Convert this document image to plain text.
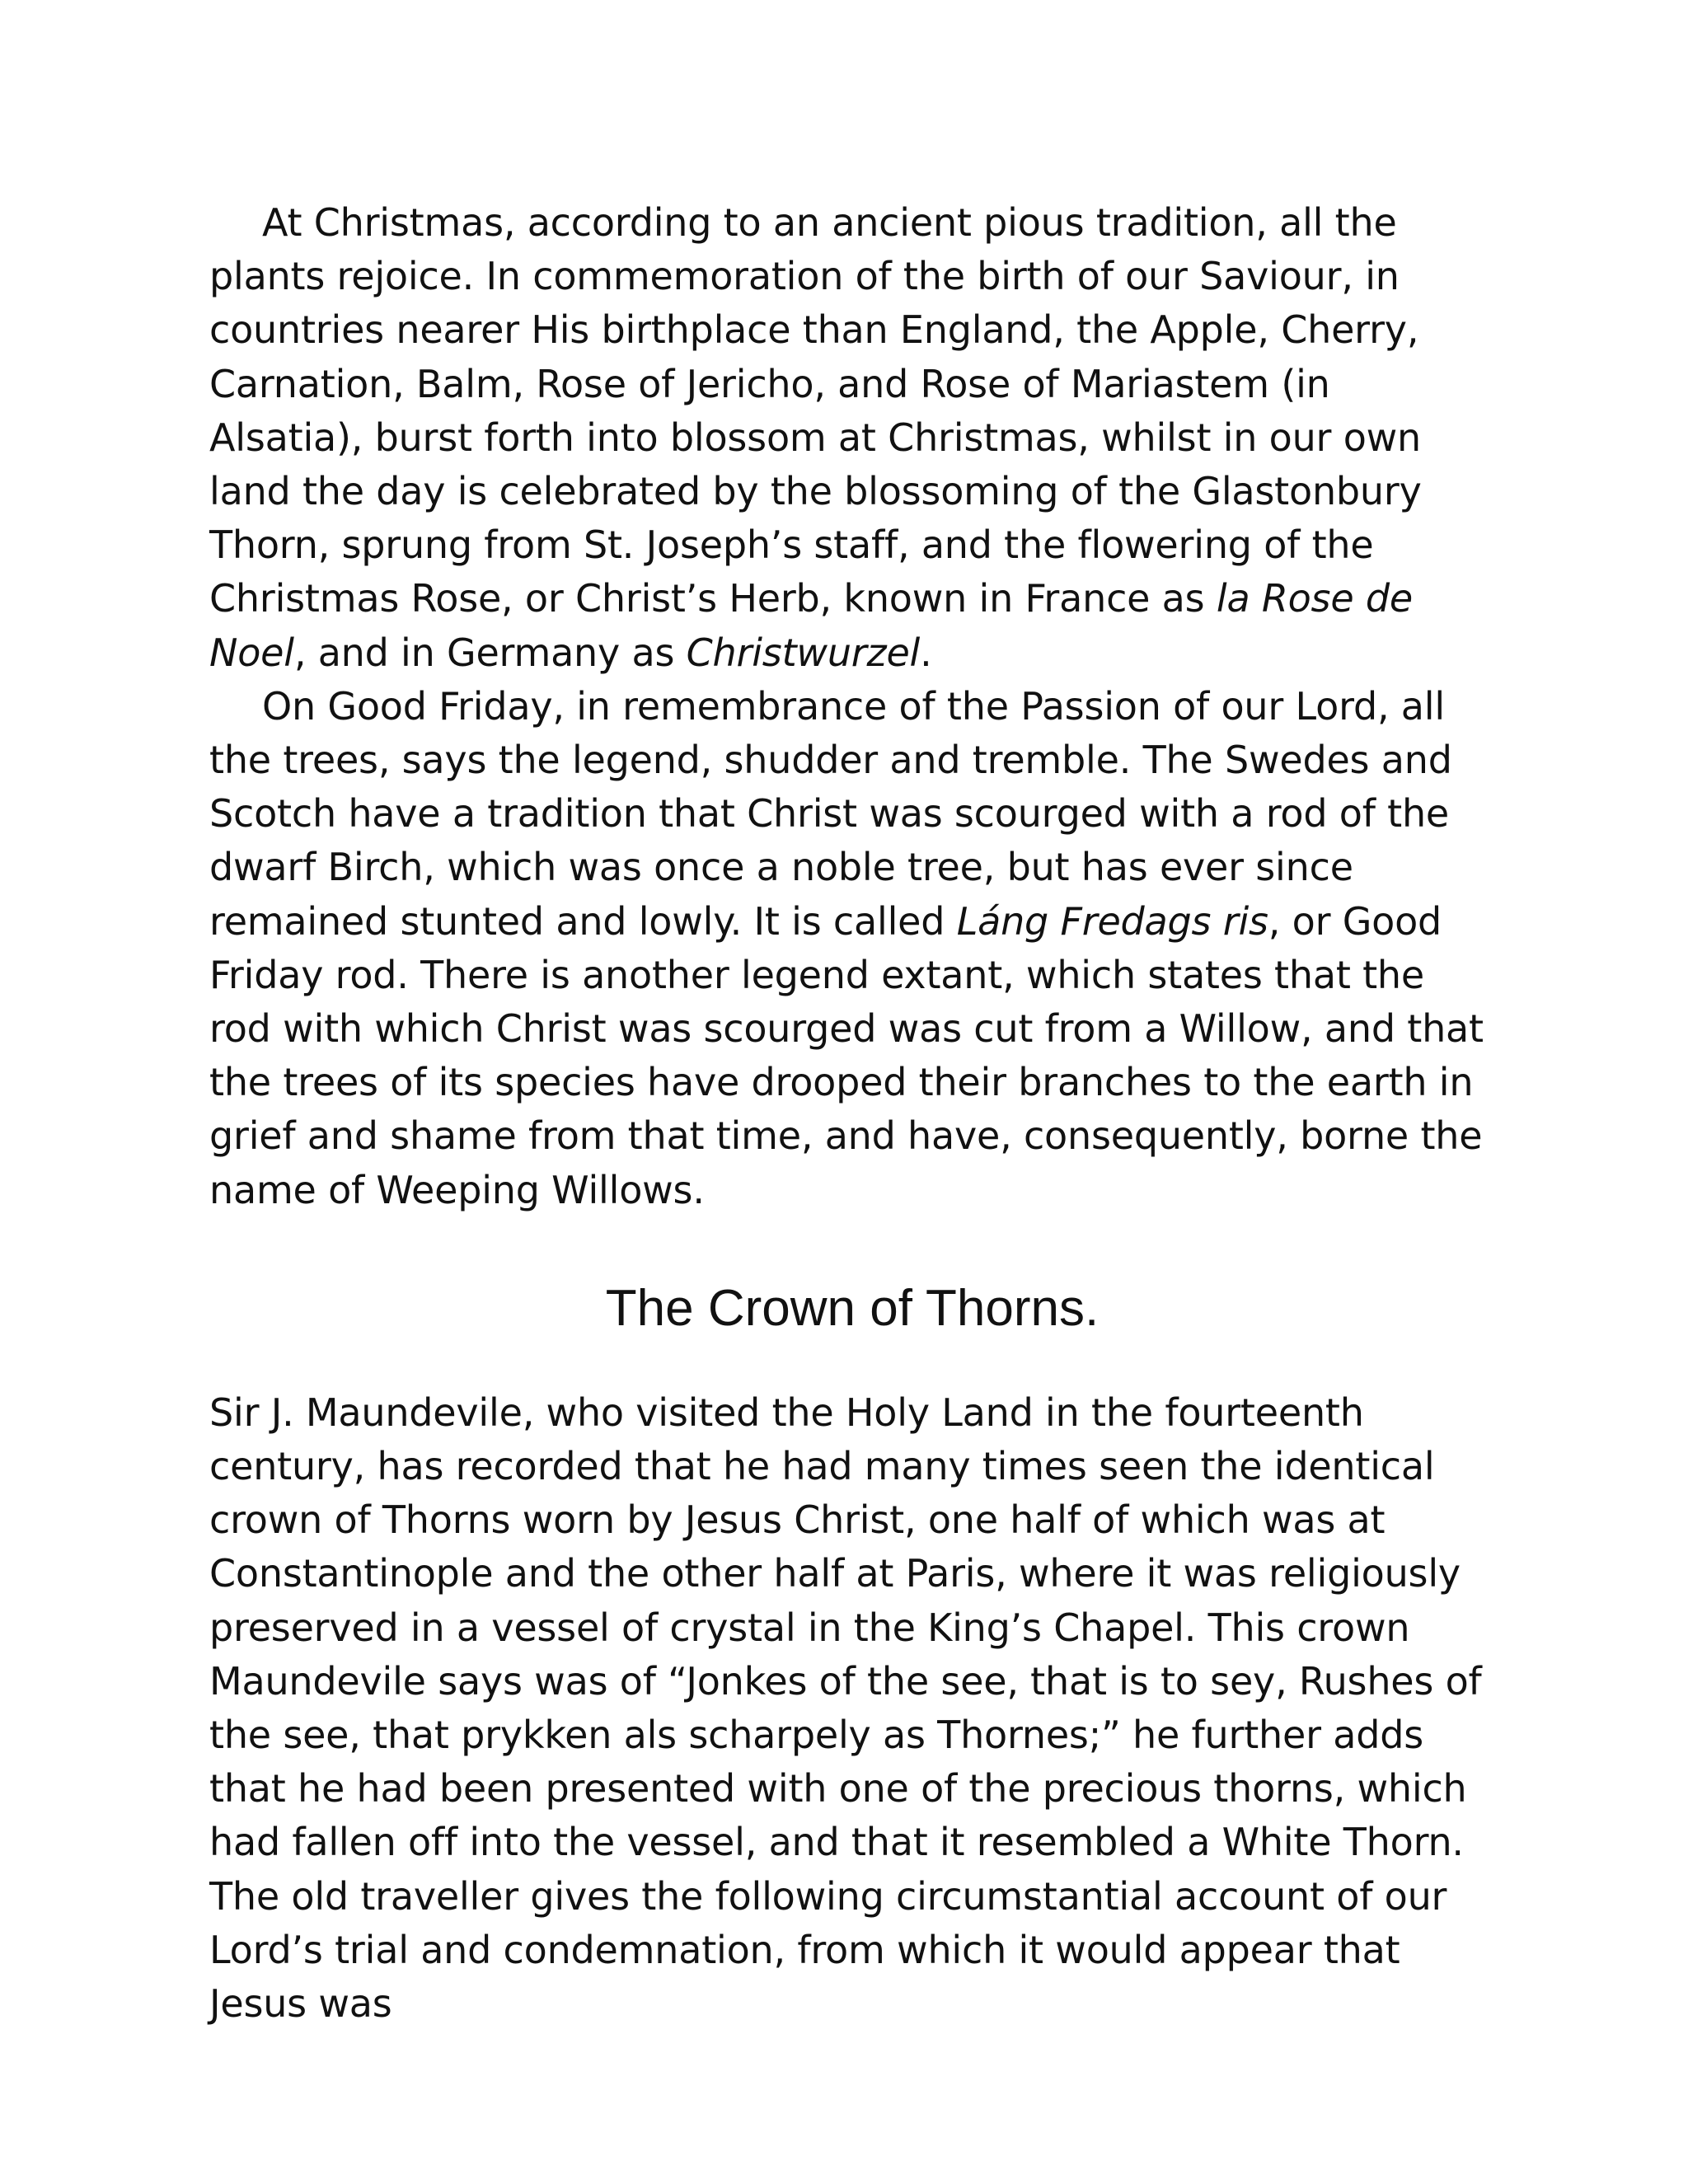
At Christmas, according to an ancient pious tradition, all the plants rejoice. In commemoration of the birth of our Saviour, in countries nearer His birthplace than England, the Apple, Cherry, Carnation, Balm, Rose of Jericho, and Rose of Mariastem (in Alsatia), burst forth into blossom at Christmas, whilst in our own land the day is celebrated by the blossoming of the Glastonbury Thorn, sprung from St. Joseph’s staff, and the flowering of the Christmas Rose, or Christ’s Herb, known in France as la Rose de Noel, and in Germany as Christwurzel.

On Good Friday, in remembrance of the Passion of our Lord, all the trees, says the legend, shudder and tremble. The Swedes and Scotch have a tradition that Christ was scourged with a rod of the dwarf Birch, which was once a noble tree, but has ever since remained stunted and lowly. It is called Láng Fredags ris, or Good Friday rod. There is another legend extant, which states that the rod with which Christ was scourged was cut from a Willow, and that the trees of its species have drooped their branches to the earth in grief and shame from that time, and have, consequently, borne the name of Weeping Willows.

The Crown of Thorns.

Sir J. Maundevile, who visited the Holy Land in the fourteenth century, has recorded that he had many times seen the identical crown of Thorns worn by Jesus Christ, one half of which was at Constantinople and the other half at Paris, where it was religiously preserved in a vessel of crystal in the King’s Chapel. This crown Maundevile says was of “Jonkes of the see, that is to sey, Rushes of the see, that prykken als scharpely as Thornes;” he further adds that he had been presented with one of the precious thorns, which had fallen off into the vessel, and that it resembled a White Thorn. The old traveller gives the following circumstantial account of our Lord’s trial and condemnation, from which it would appear that Jesus was
